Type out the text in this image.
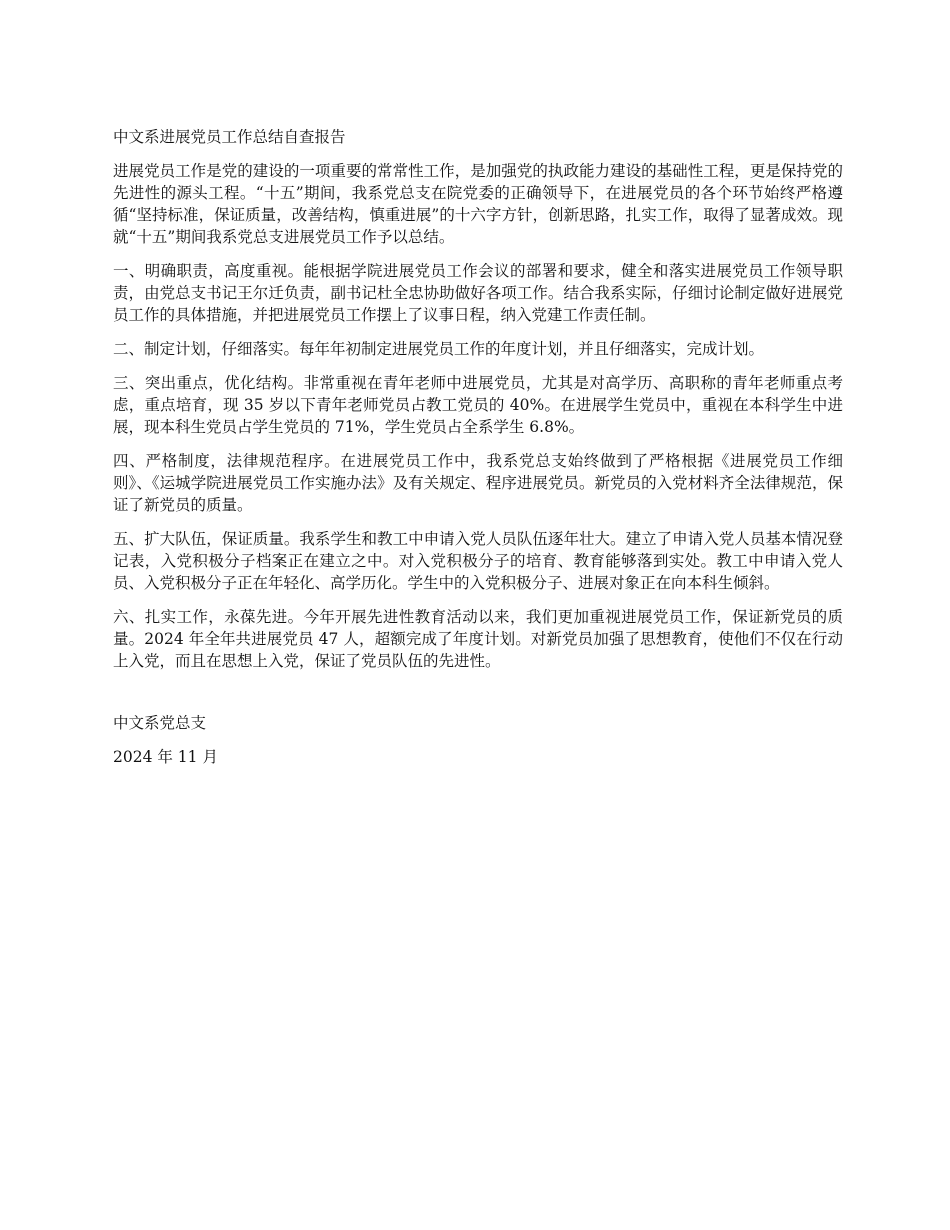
中文系进展党员工作总结自查报告
进展党员工作是党的建设的一项重要的常常性工作，是加强党的执政能力建设的基础性工程，更是保持党的先进性的源头工程。“十五”期间，我系党总支在院党委的正确领导下，在进展党员的各个环节始终严格遵循“坚持标准，保证质量，改善结构，慎重进展”的十六字方针，创新思路，扎实工作，取得了显著成效。现就“十五”期间我系党总支进展党员工作予以总结。
一、明确职责，高度重视。能根据学院进展党员工作会议的部署和要求，健全和落实进展党员工作领导职责，由党总支书记王尔迁负责，副书记杜全忠协助做好各项工作。结合我系实际，仔细讨论制定做好进展党员工作的具体措施，并把进展党员工作摆上了议事日程，纳入党建工作责任制。
二、制定计划，仔细落实。每年年初制定进展党员工作的年度计划，并且仔细落实，完成计划。
三、突出重点，优化结构。非常重视在青年老师中进展党员，尤其是对高学历、高职称的青年老师重点考虑，重点培育，现 35 岁以下青年老师党员占教工党员的 40%。在进展学生党员中，重视在本科学生中进展，现本科生党员占学生党员的 71%，学生党员占全系学生 6.8%。
四、严格制度，法律规范程序。在进展党员工作中，我系党总支始终做到了严格根据《进展党员工作细则》、《运城学院进展党员工作实施办法》及有关规定、程序进展党员。新党员的入党材料齐全法律规范，保证了新党员的质量。
五、扩大队伍，保证质量。我系学生和教工中申请入党人员队伍逐年壮大。建立了申请入党人员基本情况登记表，入党积极分子档案正在建立之中。对入党积极分子的培育、教育能够落到实处。教工中申请入党人员、入党积极分子正在年轻化、高学历化。学生中的入党积极分子、进展对象正在向本科生倾斜。
六、扎实工作，永葆先进。今年开展先进性教育活动以来，我们更加重视进展党员工作，保证新党员的质量。2024 年全年共进展党员 47 人，超额完成了年度计划。对新党员加强了思想教育，使他们不仅在行动上入党，而且在思想上入党，保证了党员队伍的先进性。
中文系党总支
2024 年 11 月
